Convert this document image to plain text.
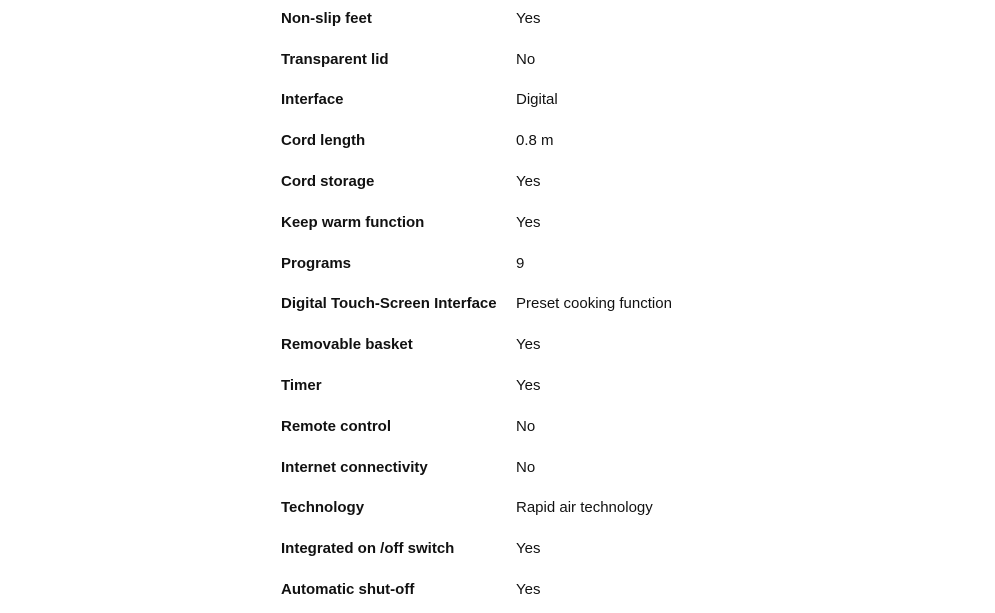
Non-slip feet	Yes
Transparent lid	No
Interface	Digital
Cord length	0.8 m
Cord storage	Yes
Keep warm function	Yes
Programs	9
Digital Touch-Screen Interface	Preset cooking function
Removable basket	Yes
Timer	Yes
Remote control	No
Internet connectivity	No
Technology	Rapid air technology
Integrated on /off switch	Yes
Automatic shut-off	Yes
